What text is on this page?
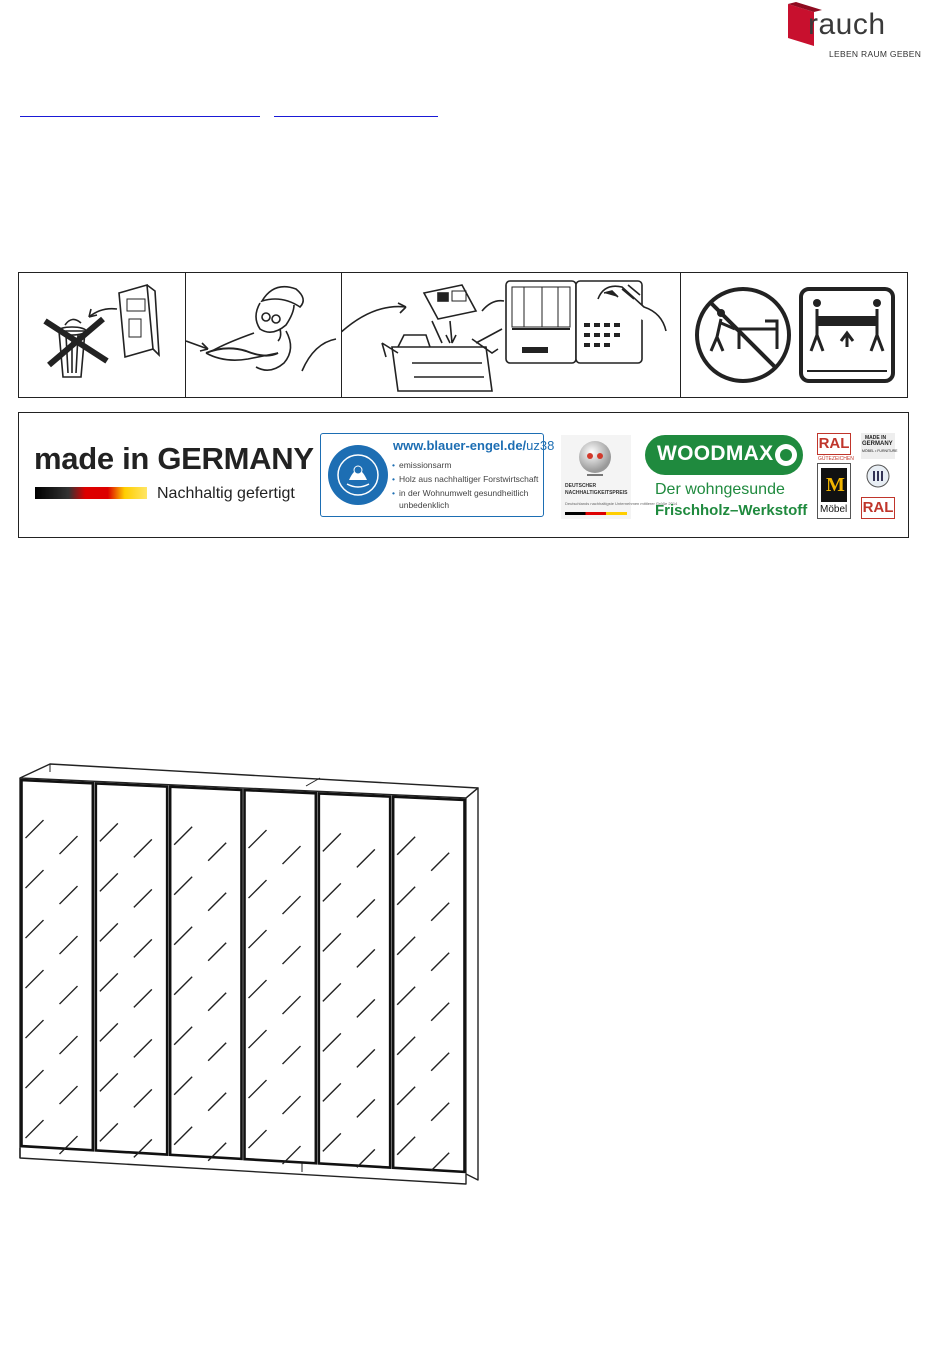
rauch
LEBEN RAUM GEBEN
made in GERMANY
Nachhaltig gefertigt
www.blauer-engel.de/uz38
• emissionsarm
• Holz aus nachhaltiger Forstwirtschaft
• in der Wohnumwelt gesundheitlich
unbedenklich
DEUTSCHER
NACHHALTIGKEITSPREIS
Deutschlands nachhaltigste Unternehmen mittlerer Größe 2014
WOODMAX
Der wohngesunde
Frischholz–Werkstoff
RAL
GÜTEZEICHEN
M
Möbel
MADE IN
GERMANY
MÖBEL • FURNITURE
RAL
